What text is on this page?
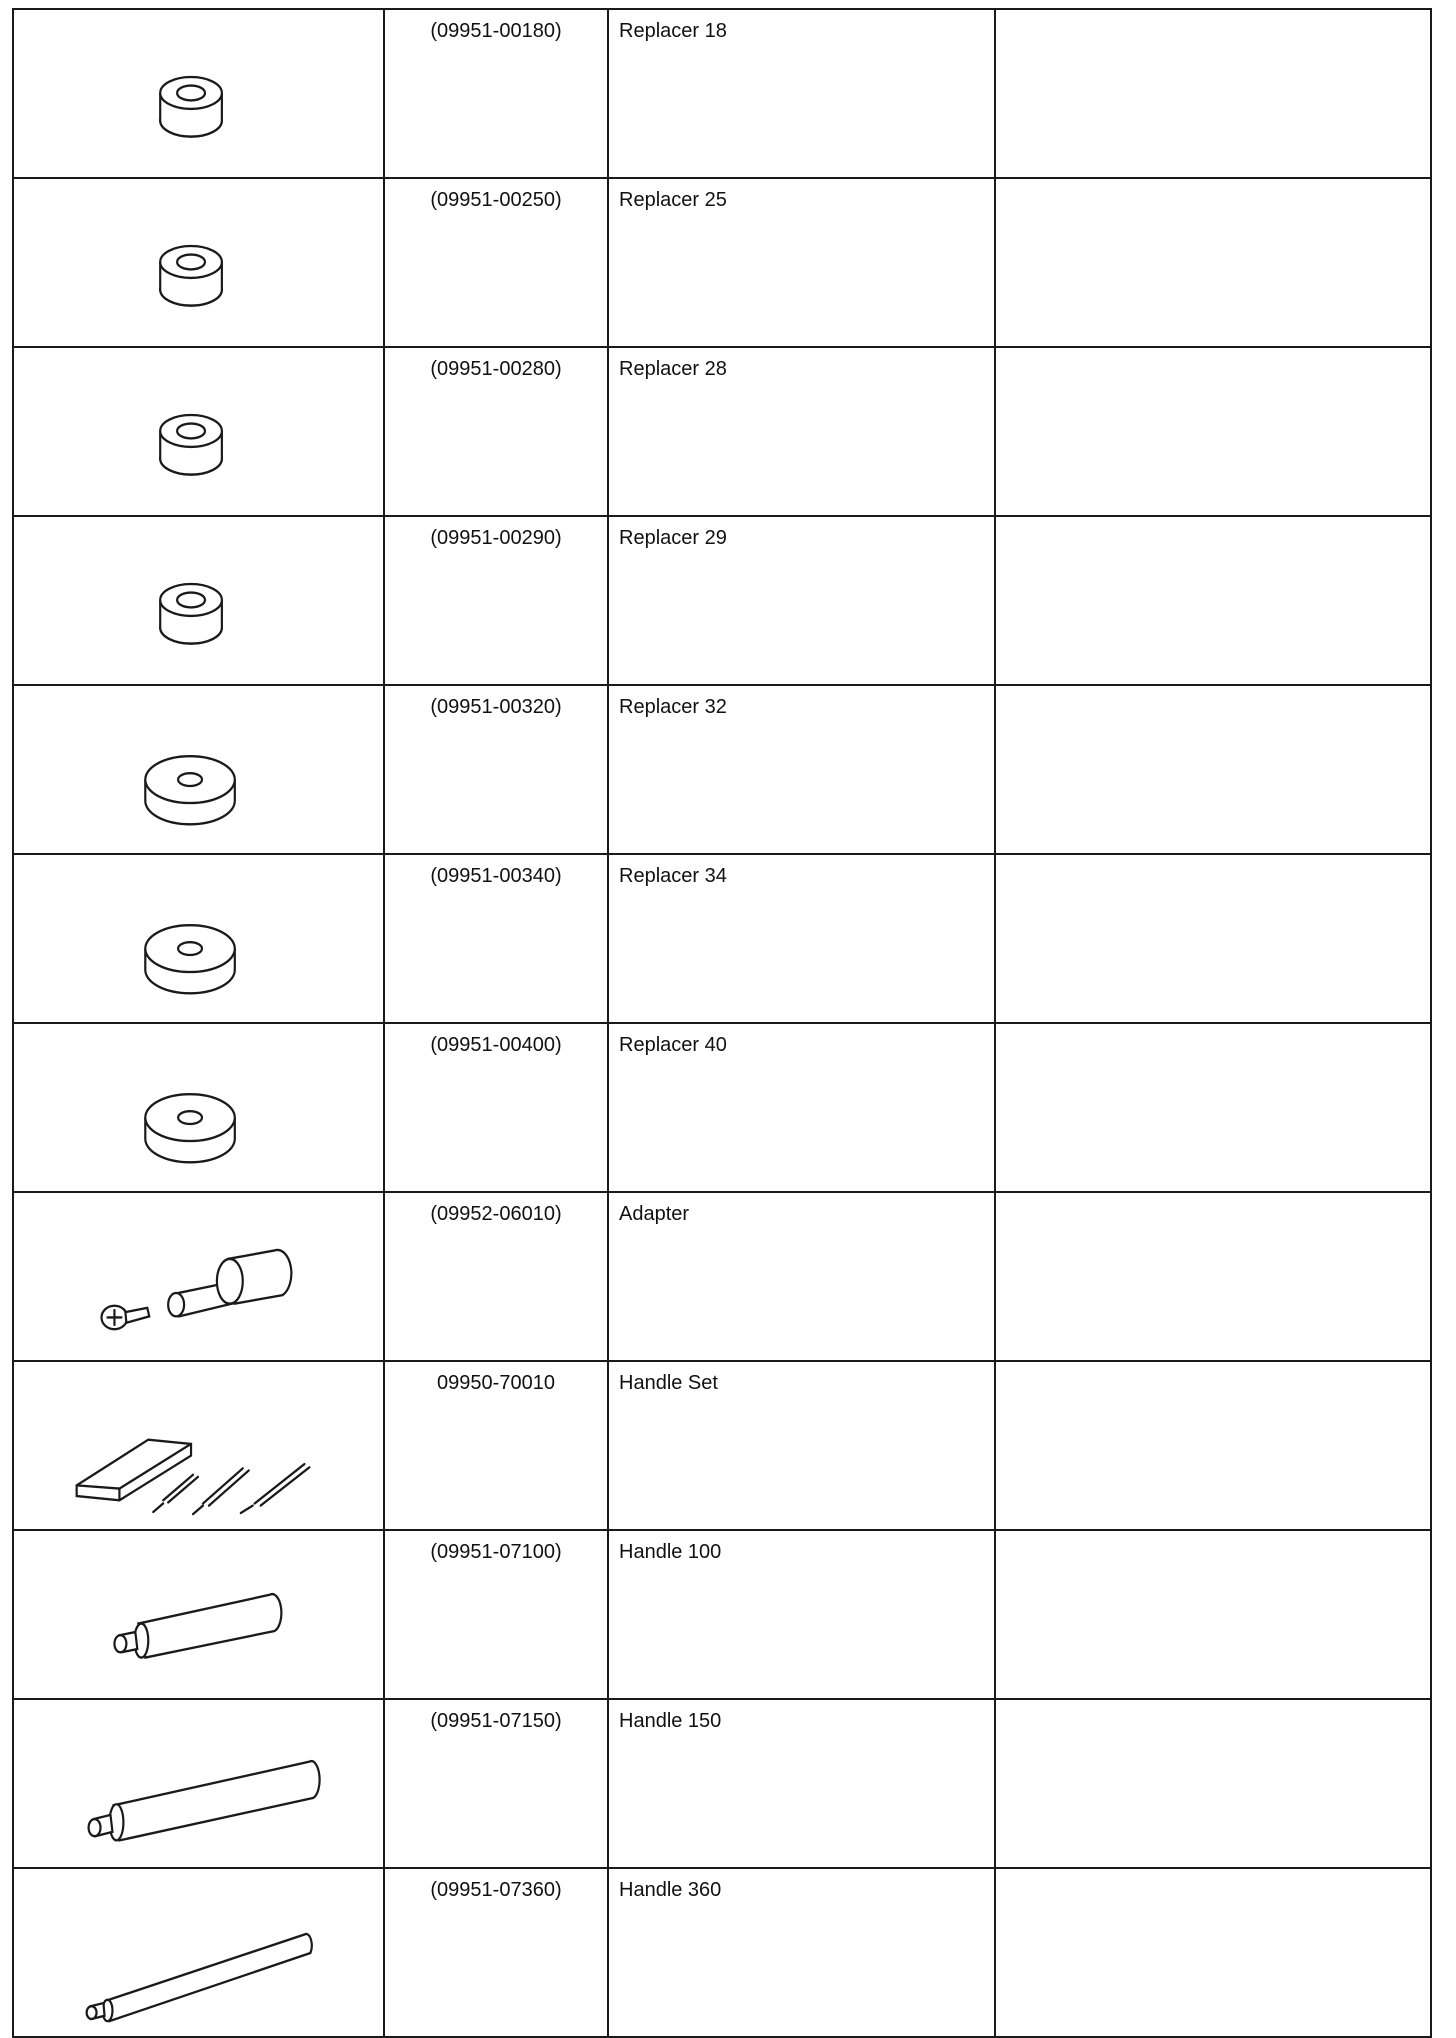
	(09951-00180)	Replacer 18	

	(09951-00250)	Replacer 25	

	(09951-00280)	Replacer 28	

	(09951-00290)	Replacer 29	

	(09951-00320)	Replacer 32	

	(09951-00340)	Replacer 34	

	(09951-00400)	Replacer 40	

	(09952-06010)	Adapter	

	09950-70010	Handle Set	

	(09951-07100)	Handle 100	

	(09951-07150)	Handle 150	

	(09951-07360)	Handle 360	
